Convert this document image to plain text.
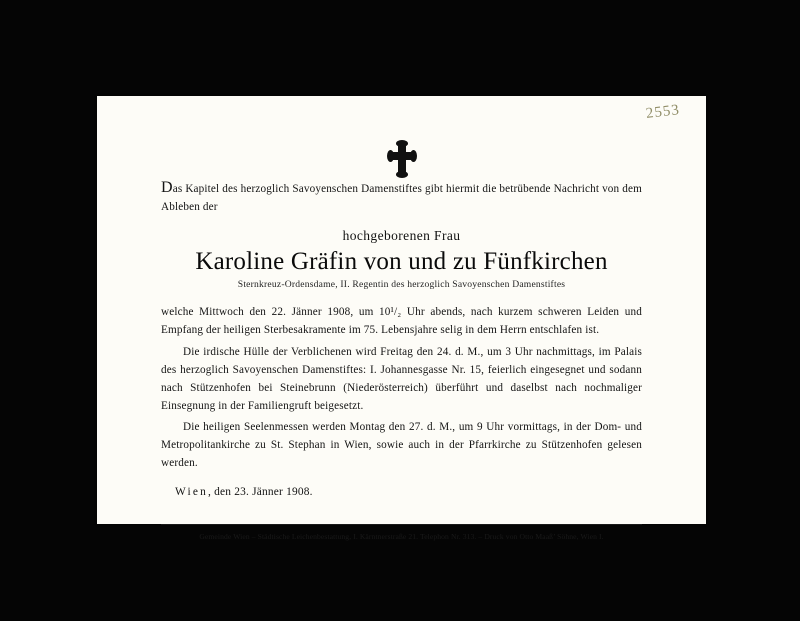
2553

Das Kapitel des herzoglich Savoyenschen Damenstiftes gibt hiermit die betrübende Nachricht von dem Ableben der

hochgeborenen Frau
Karoline Gräfin von und zu Fünfkirchen
Sternkreuz-Ordensdame, II. Regentin des herzoglich Savoyenschen Damenstiftes

welche Mittwoch den 22. Jänner 1908, um 10¹/₂ Uhr abends, nach kurzem schweren Leiden und Empfang der heiligen Sterbesakramente im 75. Lebensjahre selig in dem Herrn entschlafen ist.

Die irdische Hülle der Verblichenen wird Freitag den 24. d. M., um 3 Uhr nachmittags, im Palais des herzoglich Savoyenschen Damenstiftes: I. Johannesgasse Nr. 15, feierlich eingesegnet und sodann nach Stützenhofen bei Steinebrunn (Niederösterreich) überführt und daselbst nach nochmaliger Einsegnung in der Familiengruft beigesetzt.

Die heiligen Seelenmessen werden Montag den 27. d. M., um 9 Uhr vormittags, in der Dom- und Metropolitankirche zu St. Stephan in Wien, sowie auch in der Pfarrkirche zu Stützenhofen gelesen werden.

Wien, den 23. Jänner 1908.
Gemeinde Wien – Städtische Leichenbestattung, I. Kärntnerstraße 21. Telephon Nr. 313. – Druck von Otto Maaß’ Söhne, Wien I.
